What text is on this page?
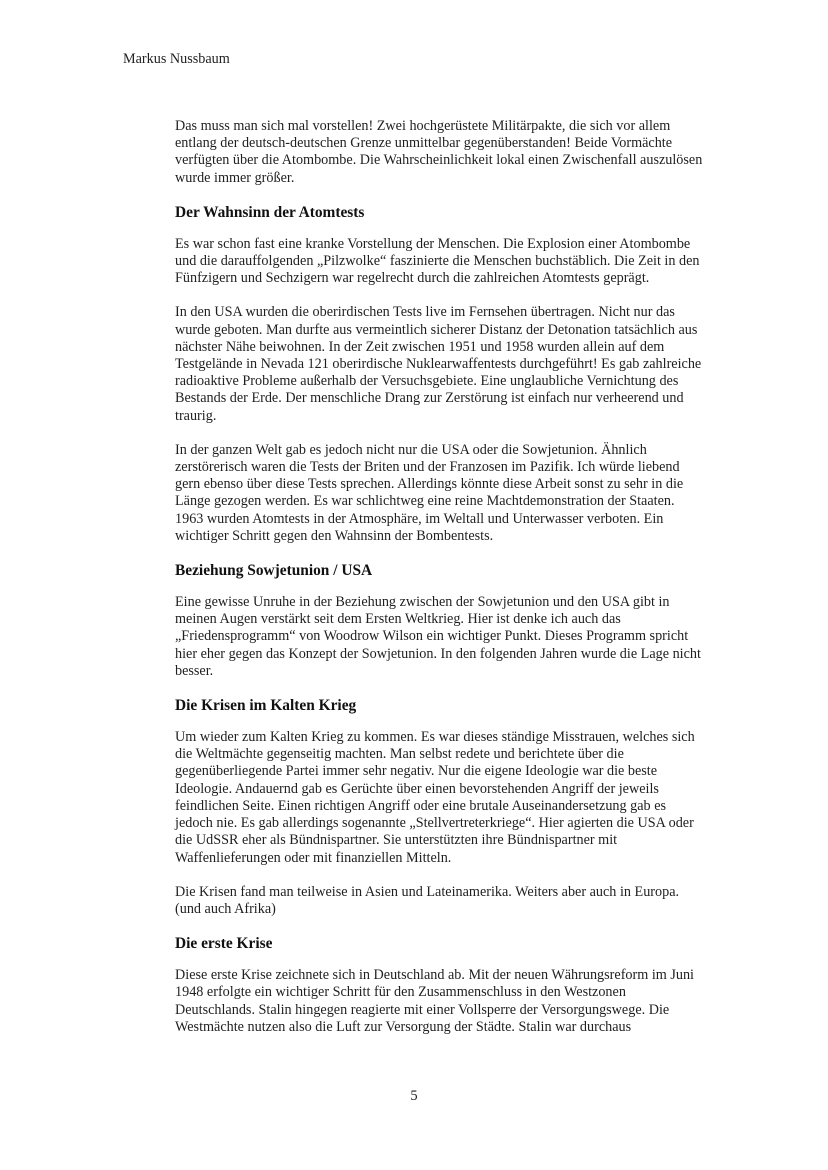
Markus Nussbaum

Das muss man sich mal vorstellen! Zwei hochgerüstete Militärpakte, die sich vor allem entlang der deutsch-deutschen Grenze unmittelbar gegenüberstanden! Beide Vormächte verfügten über die Atombombe. Die Wahrscheinlichkeit lokal einen Zwischenfall auszulösen wurde immer größer.

Der Wahnsinn der Atomtests

Es war schon fast eine kranke Vorstellung der Menschen. Die Explosion einer Atombombe und die darauffolgenden „Pilzwolke“ faszinierte die Menschen buchstäblich. Die Zeit in den Fünfzigern und Sechzigern war regelrecht durch die zahlreichen Atomtests geprägt.

In den USA wurden die oberirdischen Tests live im Fernsehen übertragen. Nicht nur das wurde geboten. Man durfte aus vermeintlich sicherer Distanz der Detonation tatsächlich aus nächster Nähe beiwohnen. In der Zeit zwischen 1951 und 1958 wurden allein auf dem Testgelände in Nevada 121 oberirdische Nuklearwaffentests durchgeführt! Es gab zahlreiche radioaktive Probleme außerhalb der Versuchsgebiete. Eine unglaubliche Vernichtung des Bestands der Erde. Der menschliche Drang zur Zerstörung ist einfach nur verheerend und traurig.

In der ganzen Welt gab es jedoch nicht nur die USA oder die Sowjetunion. Ähnlich zerstörerisch waren die Tests der Briten und der Franzosen im Pazifik. Ich würde liebend gern ebenso über diese Tests sprechen. Allerdings könnte diese Arbeit sonst zu sehr in die Länge gezogen werden. Es war schlichtweg eine reine Machtdemonstration der Staaten. 1963 wurden Atomtests in der Atmosphäre, im Weltall und Unterwasser verboten. Ein wichtiger Schritt gegen den Wahnsinn der Bombentests.

Beziehung Sowjetunion / USA

Eine gewisse Unruhe in der Beziehung zwischen der Sowjetunion und den USA gibt in meinen Augen verstärkt seit dem Ersten Weltkrieg. Hier ist denke ich auch das „Friedensprogramm“ von Woodrow Wilson ein wichtiger Punkt. Dieses Programm spricht hier eher gegen das Konzept der Sowjetunion. In den folgenden Jahren wurde die Lage nicht besser.

Die Krisen im Kalten Krieg

Um wieder zum Kalten Krieg zu kommen. Es war dieses ständige Misstrauen, welches sich die Weltmächte gegenseitig machten. Man selbst redete und berichtete über die gegenüberliegende Partei immer sehr negativ. Nur die eigene Ideologie war die beste Ideologie. Andauernd gab es Gerüchte über einen bevorstehenden Angriff der jeweils feindlichen Seite. Einen richtigen Angriff oder eine brutale Auseinandersetzung gab es jedoch nie. Es gab allerdings sogenannte „Stellvertreterkriege“. Hier agierten die USA oder die UdSSR eher als Bündnispartner. Sie unterstützten ihre Bündnispartner mit Waffenlieferungen oder mit finanziellen Mitteln.

Die Krisen fand man teilweise in Asien und Lateinamerika. Weiters aber auch in Europa. (und auch Afrika)

Die erste Krise

Diese erste Krise zeichnete sich in Deutschland ab. Mit der neuen Währungsreform im Juni 1948 erfolgte ein wichtiger Schritt für den Zusammenschluss in den Westzonen Deutschlands. Stalin hingegen reagierte mit einer Vollsperre der Versorgungswege. Die Westmächte nutzen also die Luft zur Versorgung der Städte. Stalin war durchaus

5
